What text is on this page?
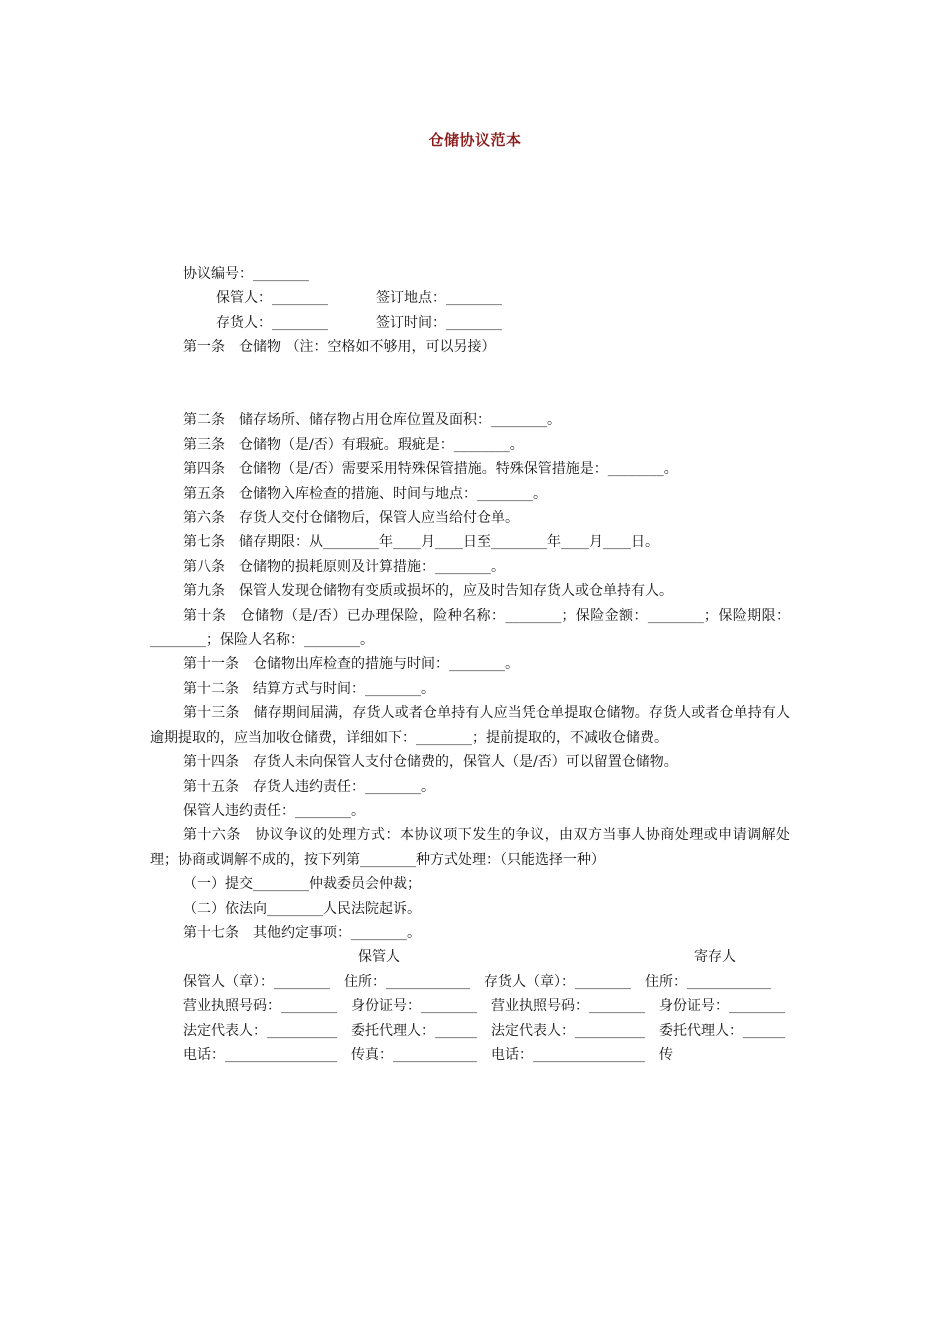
仓储协议范本

协议编号：________

保管人：________	签订地点：________

存货人：________	签订时间：________

第一条　仓储物 （注：空格如不够用，可以另接）

第二条　储存场所、储存物占用仓库位置及面积：________。

第三条　仓储物（是/否）有瑕疵。瑕疵是：________。

第四条　仓储物（是/否）需要采用特殊保管措施。特殊保管措施是：________。

第五条　仓储物入库检查的措施、时间与地点：________。

第六条　存货人交付仓储物后，保管人应当给付仓单。

第七条　储存期限：从________年____月____日至________年____月____日。

第八条　仓储物的损耗原则及计算措施：________。

第九条　保管人发现仓储物有变质或损坏的，应及时告知存货人或仓单持有人。

第十条　仓储物（是/否）已办理保险，险种名称：________；保险金额：________；保险期限：________；保险人名称：________。

第十一条　仓储物出库检查的措施与时间：________。

第十二条　结算方式与时间：________。

第十三条　储存期间届满，存货人或者仓单持有人应当凭仓单提取仓储物。存货人或者仓单持有人逾期提取的，应当加收仓储费，详细如下：________；提前提取的，不减收仓储费。

第十四条　存货人未向保管人支付仓储费的，保管人（是/否）可以留置仓储物。

第十五条　存货人违约责任：________。

保管人违约责任：________。

第十六条　协议争议的处理方式：本协议项下发生的争议，由双方当事人协商处理或申请调解处理；协商或调解不成的，按下列第________种方式处理：（只能选择一种）

（一）提交________仲裁委员会仲裁；

（二）依法向________人民法院起诉。

第十七条　其他约定事项：________。

保管人	寄存人

保管人（章）：________　住所：____________　存货人（章）：________　住所：____________

营业执照号码：________　身份证号：________　营业执照号码：________　身份证号：________

法定代表人：__________　委托代理人：______　法定代表人：__________　委托代理人：______

电话：________________　传真：____________　电话：________________　传
